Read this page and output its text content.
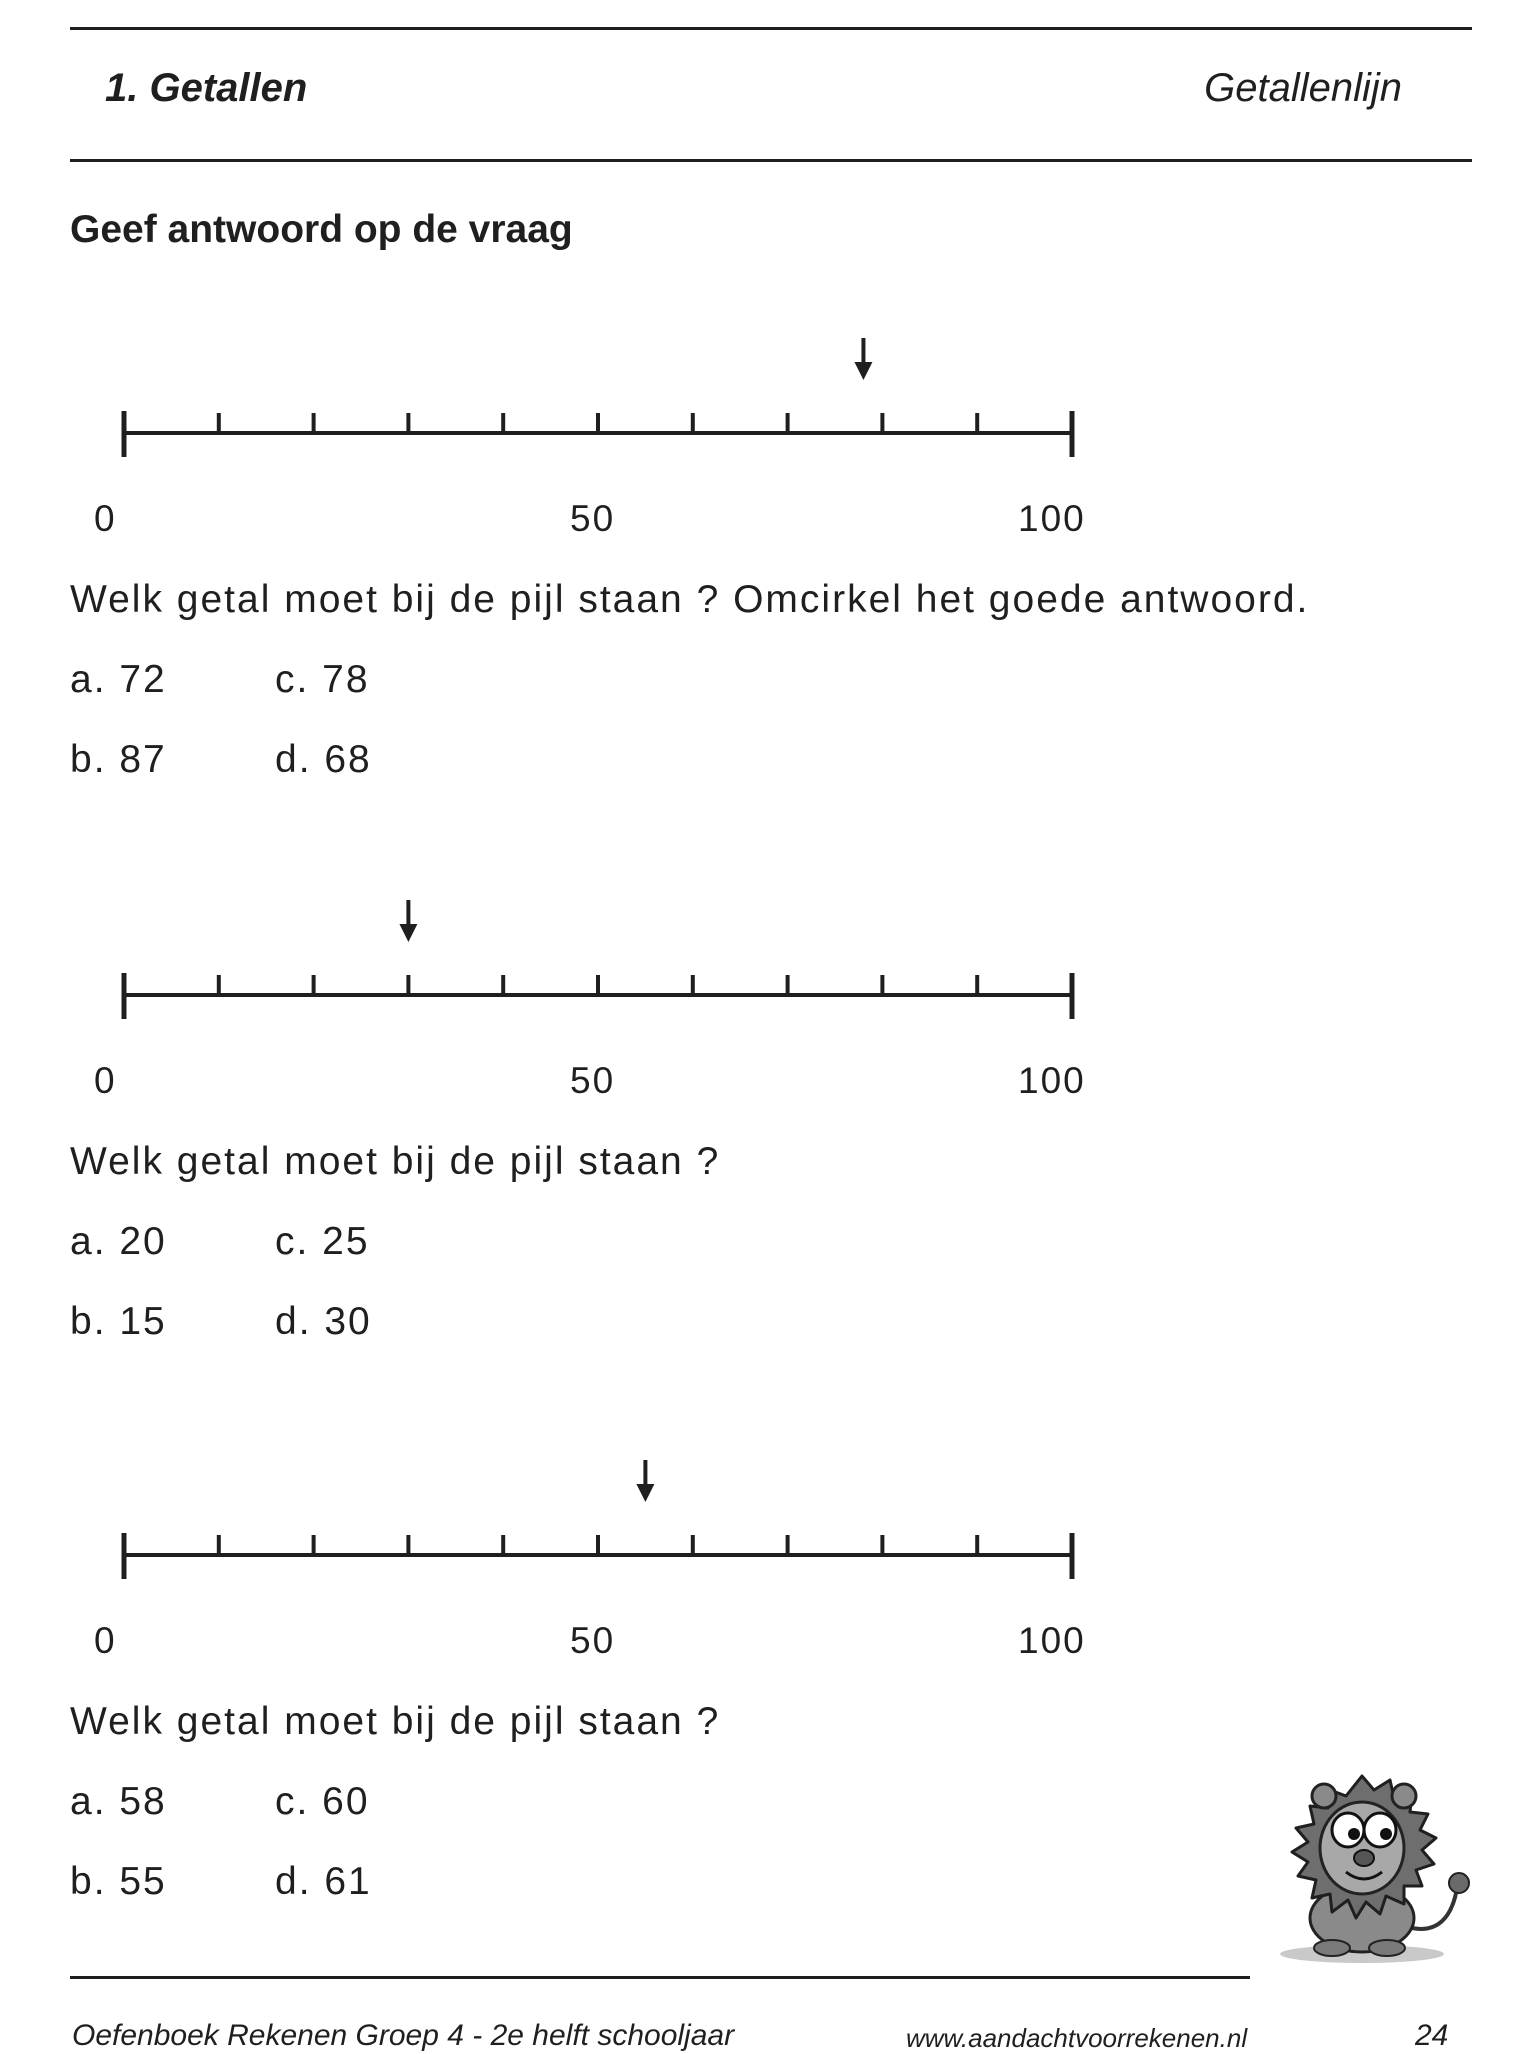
1. Getallen	Getallenlijn
Geef antwoord op de vraag
0	50	100
Welk getal moet bij de pijl staan ? Omcirkel het goede antwoord.
a. 72	c. 78
b. 87	d. 68
0	50	100
Welk getal moet bij de pijl staan ?
a. 20	c. 25
b. 15	d. 30
0	50	100
Welk getal moet bij de pijl staan ?
a. 58	c. 60
b. 55	d. 61
Oefenboek Rekenen Groep 4 - 2e helft schooljaar	www.aandachtvoorrekenen.nl	24
